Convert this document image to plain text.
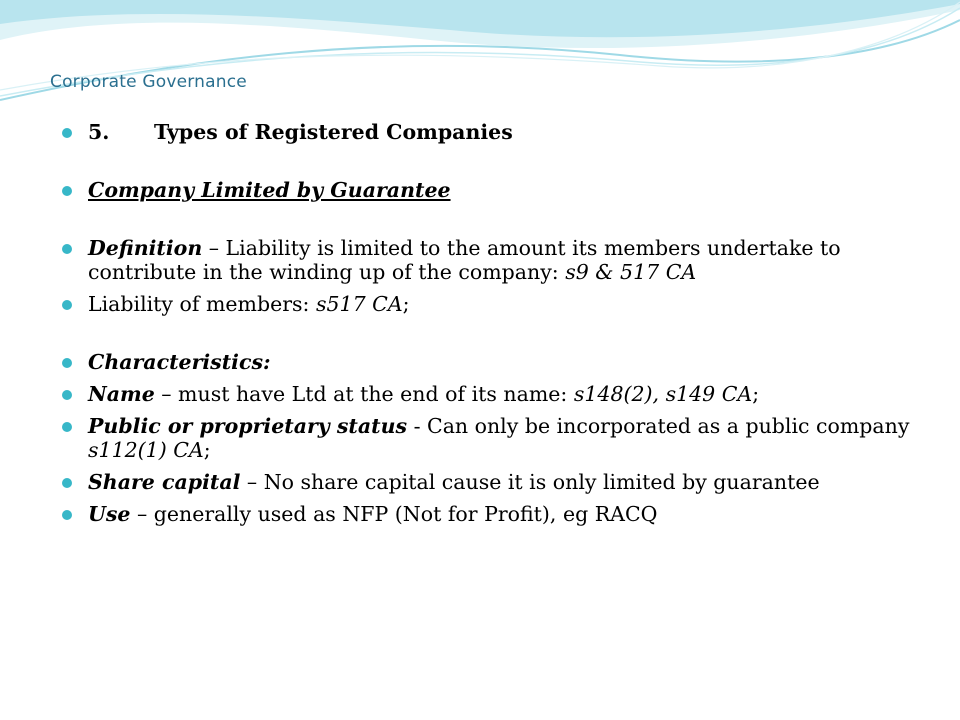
Corporate Governance
5. Types of Registered Companies
Company Limited by Guarantee
Definition – Liability is limited to the amount its members undertake to contribute in the winding up of the company: s9 & 517 CA
Liability of members: s517 CA;
Characteristics:
Name – must have Ltd at the end of its name: s148(2), s149 CA;
Public or proprietary status - Can only be incorporated as a public company s112(1) CA;
Share capital – No share capital cause it is only limited by guarantee
Use – generally used as NFP (Not for Profit), eg RACQ
